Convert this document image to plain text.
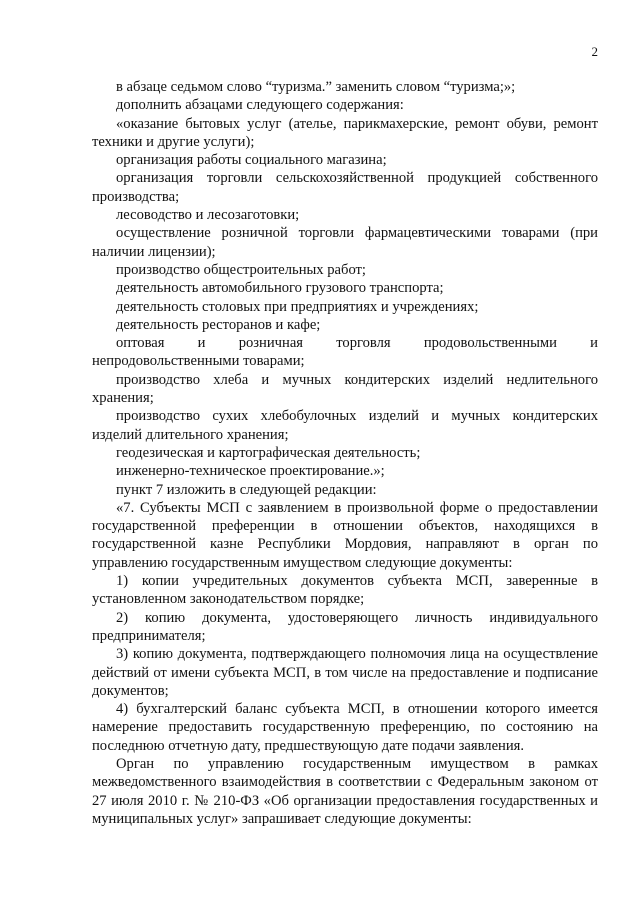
2

в абзаце седьмом слово “туризма.” заменить словом “туризма;»;

дополнить абзацами следующего содержания:

«оказание бытовых услуг (ателье, парикмахерские, ремонт обуви, ремонт техники и другие услуги);

организация работы социального магазина;

организация торговли сельскохозяйственной продукцией собственного производства;

лесоводство и лесозаготовки;

осуществление розничной торговли фармацевтическими товарами (при наличии лицензии);

производство общестроительных работ;

деятельность автомобильного грузового транспорта;

деятельность столовых при предприятиях и учреждениях;

деятельность ресторанов и кафе;

оптовая и розничная торговля продовольственными и непродовольственными товарами;

производство хлеба и мучных кондитерских изделий недлительного хранения;

производство сухих хлебобулочных изделий и мучных кондитерских изделий длительного хранения;

геодезическая и картографическая деятельность;

инженерно-техническое проектирование.»;

пункт 7 изложить в следующей редакции:

«7. Субъекты МСП с заявлением в произвольной форме о предоставлении государственной преференции в отношении объектов, находящихся в государственной казне Республики Мордовия, направляют в орган по управлению государственным имуществом следующие документы:

1) копии учредительных документов субъекта МСП, заверенные в установленном законодательством порядке;

2) копию документа, удостоверяющего личность индивидуального предпринимателя;

3) копию документа, подтверждающего полномочия лица на осуществление действий от имени субъекта МСП, в том числе на предоставление и подписание документов;

4) бухгалтерский баланс субъекта МСП, в отношении которого имеется намерение предоставить государственную преференцию, по состоянию на последнюю отчетную дату, предшествующую дате подачи заявления.

Орган по управлению государственным имуществом в рамках межведомственного взаимодействия в соответствии с Федеральным законом от 27 июля 2010 г. № 210-ФЗ «Об организации предоставления государственных и муниципальных услуг» запрашивает следующие документы:
